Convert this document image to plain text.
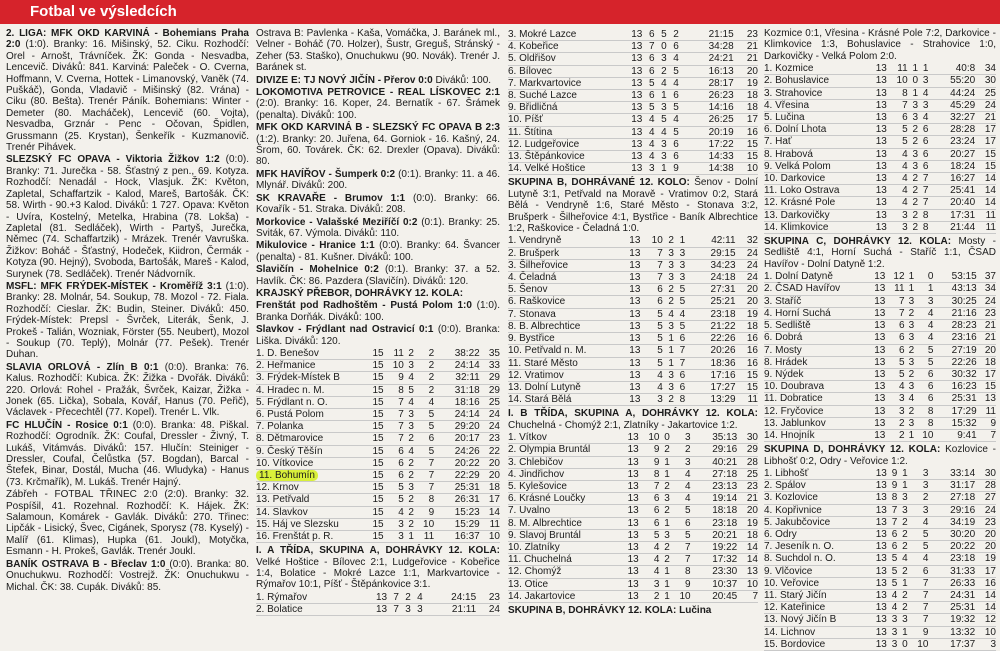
Fotbal ve výsledcích
2. LIGA: MFK OKD KARVINÁ - Bohemians Praha 2:0 (1:0). Branky: 16. Mišinský, 52. Ciku. Rozhodčí: Orel - Arnošt, Trávníček. ŽK: Gonda - Nesvadba, Lencevič. Diváků: 841. Karviná: Paleček - O. Cverna, Hoffmann, V. Cverna, Hottek - Limanovský, Vaněk (74. Puškáč), Gonda, Vladavič - Mišinský (82. Vrána) - Ciku (80. Bešta). Trenér Páník. Bohemians: Winter - Demeter (80. Macháček), Lencevič (60. Vojta), Nesvadba, Grznár - Penc - Očovan, Špidlen, Grussmann (25. Krystan), Šenkeřík - Kuzmanovič. Trenér Pihávek.
SLEZSKÝ FC OPAVA - Viktoria Žižkov 1:2 (0:0). Branky: 71. Jurečka - 58. Šťastný z pen., 69. Kotyza. Rozhodčí: Nenadál - Hock, Vlasjuk. ŽK: Květon, Zapletal, Schaffartzik - Kalod, Mareš, Bartošák. ČK: 58. Wirth - 90.+3 Kalod. Diváků: 1 727. Opava: Květon - Uvíra, Kostelný, Metelka, Hrabina (78. Lokša) - Zapletal (81. Sedláček), Wirth - Partyš, Jurečka, Němec (74. Schaffartzik) - Mrázek. Trenér Vavruška. Žižkov: Boháč - Šťastný, Hodeček, Kiidron, Čermák - Kotyza (90. Hejný), Svoboda, Bartošák, Mareš - Kalod, Surynek (78. Sedláček). Trenér Nádvorník.
MSFL: MFK FRÝDEK-MÍSTEK - Kroměříž 3:1 (1:0). Branky: 28. Molnár, 54. Soukup, 78. Mozol - 72. Fiala. Rozhodčí: Cieslar. ŽK: Budin, Steiner. Diváků: 450. Frýdek-Místek: Prepsl - Švrček, Literák, Šenk, J. Prokeš - Talián, Wozniak, Förster (55. Neubert), Mozol - Soukup (70. Teplý), Molnár (77. Pešek). Trenér Duhan.
SLAVIA ORLOVÁ - Zlín B 0:1 (0:0). Branka: 76. Kalus. Rozhodčí: Kubica. ŽK: Žižka - Dvořák. Diváků: 220. Orlová: Rohel - Pražák, Švrček, Kaizar, Žižka - Jonek (65. Lička), Sobala, Kovář, Hanus (70. Peřič), Václavek - Přecechtěl (77. Kopel). Trenér L. Vlk.
FC HLUČÍN - Rosice 0:1 (0:0). Branka: 48. Piškal. Rozhodčí: Ogrodník. ŽK: Coufal, Dressler - Živný, T. Lukáš, Vitámvás. Diváků: 157. Hlučín: Steiniger - Dressler, Coufal, Čelůstka (57. Bogdan), Barcal - Štefek, Binar, Dostál, Mucha (46. Wludyka) - Hanus (73. Krčmařík), M. Lukáš. Trenér Hajný.
Zábřeh - FOTBAL TŘINEC 2:0 (2:0). Branky: 32. Pospíšil, 41. Rozehnal. Rozhodčí: K. Hájek. ŽK: Salamoun, Komárek - Gavlák. Diváků: 270. Třinec: Lipčák - Lisický, Švec, Cigánek, Sporysz (78. Kyselý) - Malíř (61. Klimas), Hupka (61. Joukl), Motyčka, Esmann - H. Prokeš, Gavlák. Trenér Joukl.
BANÍK OSTRAVA B - Břeclav 1:0 (0:0). Branka: 80. Onuchukwu. Rozhodčí: Vostrejž. ŽK: Onuchukwu - Michal. ČK: 38. Cupák. Diváků: 85.
Ostrava B: Pavlenka - Kaša, Vomáčka, J. Baránek ml., Velner - Boháč (70. Holzer), Šustr, Greguš, Stránský - Zeher (53. Staško), Onuchukwu (90. Novák). Trenér J. Baránek st.
DIVIZE E: TJ NOVÝ JIČÍN - Přerov 0:0 Diváků: 100.
LOKOMOTIVA PETROVICE - REAL LÍSKOVEC 2:1 (2:0). Branky: 16. Koper, 24. Bernatík - 67. Šrámek (penalta). Diváků: 100.
MFK OKD KARVINÁ B - SLEZSKÝ FC OPAVA B 2:3 (1:2). Branky: 20. Juřena, 64. Gorniok - 16. Kašný, 24. Šrom, 60. Továrek. ČK: 62. Drexler (Opava). Diváků: 80.
MFK HAVÍŘOV - Šumperk 0:2 (0:1). Branky: 11. a 46. Mlynář. Diváků: 200.
SK KRAVAŘE - Brumov 1:1 (0:0). Branky: 66. Kovařík - 51. Straka. Diváků: 208.
Morkovice - Valašské Meziříčí 0:2 (0:1). Branky: 25. Sviták, 67. Výmola. Diváků: 110.
Mikulovice - Hranice 1:1 (0:0). Branky: 64. Švancer (penalta) - 81. Kušner. Diváků: 100.
Slavičín - Mohelnice 0:2 (0:1). Branky: 37. a 52. Havlík. ČK: 86. Pazdera (Slavičín). Diváků: 120.
KRAJSKÝ PŘEBOR, DOHRÁVKY 12. KOLA:
Frenštát pod Radhoštěm - Pustá Polom 1:0 (1:0). Branka Dorňák. Diváků: 100.
Slavkov - Frýdlant nad Ostravicí 0:1 (0:0). Branka: Liška. Diváků: 120.
1. D. Benešov	15	11	2	2	38:22	35
2. Heřmanice	15	10	3	2	24:14	33
3. Frýdek-Místek B	15	9	4	2	32:11	29
4. Hradec n. M.	15	8	5	2	31:18	29
5. Frýdlant n. O.	15	7	4	4	18:16	25
6. Pustá Polom	15	7	3	5	24:14	24
7. Polanka	15	7	3	5	29:20	24
8. Dětmarovice	15	7	2	6	20:17	23
9. Český Těšín	15	6	4	5	24:26	22
10. Vítkovice	15	6	2	7	20:22	20
11. Bohumín	15	6	2	7	22:29	20
12. Krnov	15	5	3	7	25:31	18
13. Petřvald	15	5	2	8	26:31	17
14. Slavkov	15	4	2	9	15:23	14
15. Háj ve Slezsku	15	3	2	10	15:29	11
16. Frenštát p. R.	15	3	1	11	16:37	10
I. A TŘÍDA, SKUPINA A, DOHRÁVKY 12. KOLA: Velké Hoštice - Bílovec 2:1, Ludgeřovice - Kobeřice 1:4, Bolatice - Mokré Lazce 1:1, Markvartovice - Rýmařov 10:1, Píšť - Štěpánkovice 3:1.
1. Rýmařov	13	7	2	4	24:15	23
2. Bolatice	13	7	3	3	21:11	24
3. Mokré Lazce	13	6	5	2	21:15	23
4. Kobeřice	13	7	0	6	34:28	21
5. Oldřišov	13	6	3	4	24:21	21
6. Bílovec	13	6	2	5	16:13	20
7. Markvartovice	13	5	4	4	28:17	19
8. Suché Lazce	13	6	1	6	26:23	18
9. Břidličná	13	5	3	5	14:16	18
10. Píšť	13	4	5	4	26:25	17
11. Štítina	13	4	4	5	20:19	16
12. Ludgeřovice	13	4	3	6	17:22	15
13. Štěpánkovice	13	4	3	6	14:33	15
14. Velké Hoštice	13	3	1	9	14:38	10
SKUPINA B, DOHRÁVANÉ 12. KOLO: Šenov - Dolní Lutyně 3:1, Petřvald na Moravě - Vratimov 0:2, Stará Bělá - Vendryně 1:6, Staré Město - Stonava 3:2, Brušperk - Šilheřovice 4:1, Bystřice - Baník Albrechtice 1:2, Raškovice - Čeladná 1:0.
1. Vendryně	13	10	2	1	42:11	32
2. Brušperk	13	7	3	3	29:15	24
3. Šilheřovice	13	7	3	3	34:23	24
4. Čeladná	13	7	3	3	24:18	24
5. Šenov	13	6	2	5	27:31	20
6. Raškovice	13	6	2	5	25:21	20
7. Stonava	13	5	4	4	23:18	19
8. B. Albrechtice	13	5	3	5	21:22	18
9. Bystřice	13	5	1	6	22:26	16
10. Petřvald n. M.	13	5	1	7	20:26	16
11. Staré Město	13	5	1	7	18:36	16
12. Vratimov	13	4	3	6	17:16	15
13. Dolní Lutyně	13	4	3	6	17:27	15
14. Stará Bělá	13	3	2	8	13:29	11
I. B TŘÍDA, SKUPINA A, DOHRÁVKY 12. KOLA: Chuchelná - Chomýž 2:1, Zlatníky - Jakartovice 1:2.
1. Vítkov	13	10	0	3	35:13	30
2. Olympia Bruntál	13	9	2	2	29:16	29
3. Chlebičov	13	9	1	3	40:21	28
4. Jindřichov	13	8	1	4	27:18	25
5. Kylešovice	13	7	2	4	23:13	23
6. Krásné Loučky	13	6	3	4	19:14	21
7. Uvalno	13	6	2	5	18:18	20
8. M. Albrechtice	13	6	1	6	23:18	19
9. Slavoj Bruntál	13	5	3	5	20:21	18
10. Zlatníky	13	4	2	7	19:22	14
11. Chuchelná	13	4	2	7	17:32	14
12. Chomýž	13	4	1	8	23:30	13
13. Otice	13	3	1	9	10:37	10
14. Jakartovice	13	2	1	10	20:45	7
SKUPINA B, DOHRÁVKY 12. KOLA: Lučina
Kozmice 0:1, Vřesina - Krásné Pole 7:2, Darkovice - Klimkovice 1:3, Bohuslavice - Strahovice 1:0, Darkovičky - Velká Polom 2:0.
1. Kozmice	13	11	1	1	40:8	34
2. Bohuslavice	13	10	0	3	55:20	30
3. Strahovice	13	8	1	4	44:24	25
4. Vřesina	13	7	3	3	45:29	24
5. Lučina	13	6	3	4	32:27	21
6. Dolní Lhota	13	5	2	6	28:28	17
7. Hať	13	5	2	6	23:24	17
8. Hrabová	13	4	3	6	20:27	15
9. Velká Polom	13	4	3	6	18:24	15
10. Darkovice	13	4	2	7	16:27	14
11. Loko Ostrava	13	4	2	7	25:41	14
12. Krásné Pole	13	4	2	7	20:40	14
13. Darkovičky	13	3	2	8	17:31	11
14. Klimkovice	13	3	2	8	21:44	11
SKUPINA C, DOHRÁVKY 12. KOLA: Mosty - Sedliště 4:1, Horní Suchá - Staříč 1:1, ČSAD Havířov - Dolní Datyně 1:2.
1. Dolní Datyně	13	12	1	0	53:15	37
2. ČSAD Havířov	13	11	1	1	43:13	34
3. Staříč	13	7	3	3	30:25	24
4. Horní Suchá	13	7	2	4	21:16	23
5. Sedliště	13	6	3	4	28:23	21
6. Dobrá	13	6	3	4	23:16	21
7. Mosty	13	6	2	5	27:19	20
8. Hrádek	13	5	3	5	22:26	18
9. Nýdek	13	5	2	6	30:32	17
10. Doubrava	13	4	3	6	16:23	15
11. Dobratice	13	3	4	6	25:31	13
12. Fryčovice	13	3	2	8	17:29	11
13. Jablunkov	13	2	3	8	15:32	9
14. Hnojník	13	2	1	10	9:41	7
SKUPINA D, DOHRÁVKY 12. KOLA: Kozlovice - Libhošť 0:2, Odry - Veřovice 1:2.
1. Libhošť	13	9	1	3	33:14	30
2. Spálov	13	9	1	3	31:17	28
3. Kozlovice	13	8	3	2	27:18	27
4. Kopřivnice	13	7	3	3	29:16	24
5. Jakubčovice	13	7	2	4	34:19	23
6. Odry	13	6	2	5	30:20	20
7. Jeseník n. O.	13	6	2	5	20:22	20
8. Suchdol n. O.	13	5	4	4	23:18	19
9. Vlčovice	13	5	2	6	31:33	17
10. Veřovice	13	5	1	7	26:33	16
11. Starý Jičín	13	4	2	7	24:31	14
12. Kateřinice	13	4	2	7	25:31	14
13. Nový Jičín B	13	3	3	7	19:32	12
14. Lichnov	13	3	1	9	13:32	10
15. Bordovice	13	3	0	10	17:37	3
